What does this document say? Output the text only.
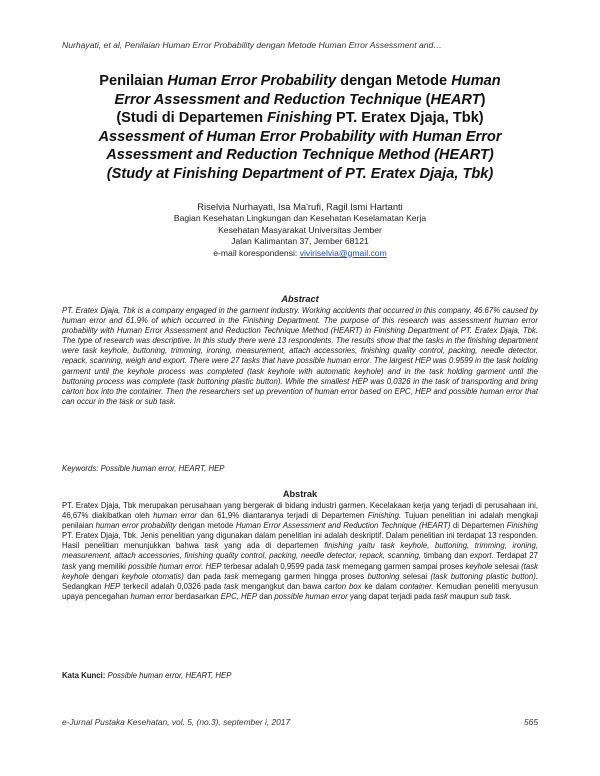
Nurhayati, et al, Penilaian Human Error Probability dengan Metode Human Error Assessment and…
Penilaian Human Error Probability dengan Metode Human
Error Assessment and Reduction Technique (HEART)
(Studi di Departemen Finishing PT. Eratex Djaja, Tbk)
Assessment of Human Error Probability with Human Error
Assessment and Reduction Technique Method (HEART)
(Study at Finishing Department of PT. Eratex Djaja, Tbk)
Riselvia Nurhayati, Isa Ma'rufi, Ragil Ismi Hartanti
Bagian Kesehatan Lingkungan dan Kesehatan Keselamatan Kerja
Kesehatan Masyarakat Universitas Jember
Jalan Kalimantan 37, Jember 68121
e-mail korespondensi: viviriselvia@gmail.com
Abstract
PT. Eratex Djaja, Tbk is a company engaged in the garment industry. Working accidents that occurred in this company, 46.67% caused by human error and 61.9% of which occurred in the Finishing Department. The purpose of this research was assessment human error probability with Human Error Assessment and Reduction Technique Method (HEART) in Finishing Department of PT. Eratex Djaja, Tbk. The type of research was descriptive. In this study there were 13 respondents. The results show that the tasks in the finishing department were task keyhole, buttoning, trimming, ironing, measurement, attach accessories, finishing quality control, packing, needle detector, repack, scanning, weigh and export. There were 27 tasks that have possible human error. The largest HEP was 0.9599 in the task holding garment until the keyhole process was completed (task keyhole with automatic keyhole) and in the task holding garment until the buttoning process was complete (task buttoning plastic button). While the smallest HEP was 0,0326 in the task of transporting and bring carton box into the container. Then the researchers set up prevention of human error based on EPC, HEP and possible human error that can occur in the task or sub task.
Keywords: Possible human error, HEART, HEP
Abstrak
PT. Eratex Djaja, Tbk merupakan perusahaan yang bergerak di bidang industri garmen. Kecelakaan kerja yang terjadi di perusahaan ini, 46,67% diakibatkan oleh human error dan 61,9% diantaranya terjadi di Departemen Finishing. Tujuan penelitian ini adalah mengkaji penilaian human error probability dengan metode Human Error Assessment and Reduction Technique (HEART) di Departemen Finishing PT. Eratex Djaja, Tbk. Jenis penelitian yang digunakan dalam penelitian ini adalah deskriptif. Dalam penelitian ini terdapat 13 responden. Hasil penelitian menunjukkan bahwa task yang ada di departemen finishing yaitu task keyhole, buttoning, trimming, ironing, measurement, attach accessories, finishing quality control, packing, needle detector, repack, scanning, timbang dan export. Terdapat 27 task yang memiliki possible human error. HEP terbesar adalah 0,9599 pada task memegang garmen sampai proses keyhole selesai (task keyhole dengan keyhole otomatis) dan pada task memegang garmen hingga proses buttoning selesai (task buttoning plastic button). Sedangkan HEP terkecil adalah 0,0326 pada task mengangkut dan bawa carton box ke dalam container. Kemudian peneliti menyusun upaya pencegahan human error berdasarkan EPC, HEP dan possible human error yang dapat terjadi pada task maupun sub task.
Kata Kunci: Possible human error, HEART, HEP
e-Jurnal Pustaka Kesehatan, vol. 5, (no.3), september i, 2017	565
